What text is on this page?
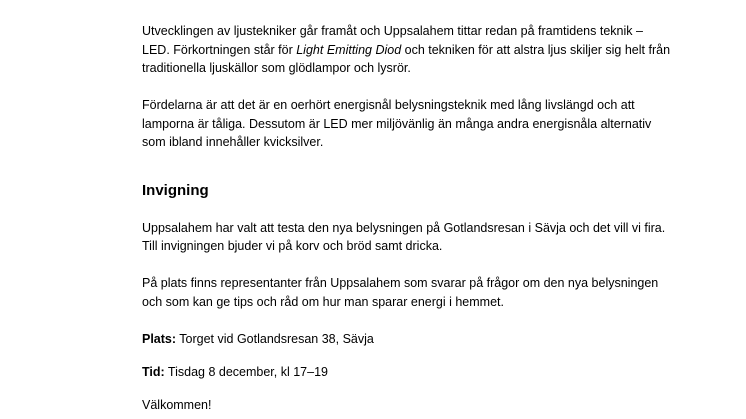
Utvecklingen av ljustekniker går framåt och Uppsalahem tittar redan på framtidens teknik – LED. Förkortningen står för Light Emitting Diod och tekniken för att alstra ljus skiljer sig helt från traditionella ljuskällor som glödlampor och lysrör.

Fördelarna är att det är en oerhört energisnål belysningsteknik med lång livslängd och att lamporna är tåliga. Dessutom är LED mer miljövänlig än många andra energisnåla alternativ som ibland innehåller kvicksilver.

Invigning

Uppsalahem har valt att testa den nya belysningen på Gotlandsresan i Sävja och det vill vi fira. Till invigningen bjuder vi på korv och bröd samt dricka.

På plats finns representanter från Uppsalahem som svarar på frågor om den nya belysningen och som kan ge tips och råd om hur man sparar energi i hemmet.

Plats: Torget vid Gotlandsresan 38, Sävja

Tid: Tisdag 8 december, kl 17–19

Välkommen!
